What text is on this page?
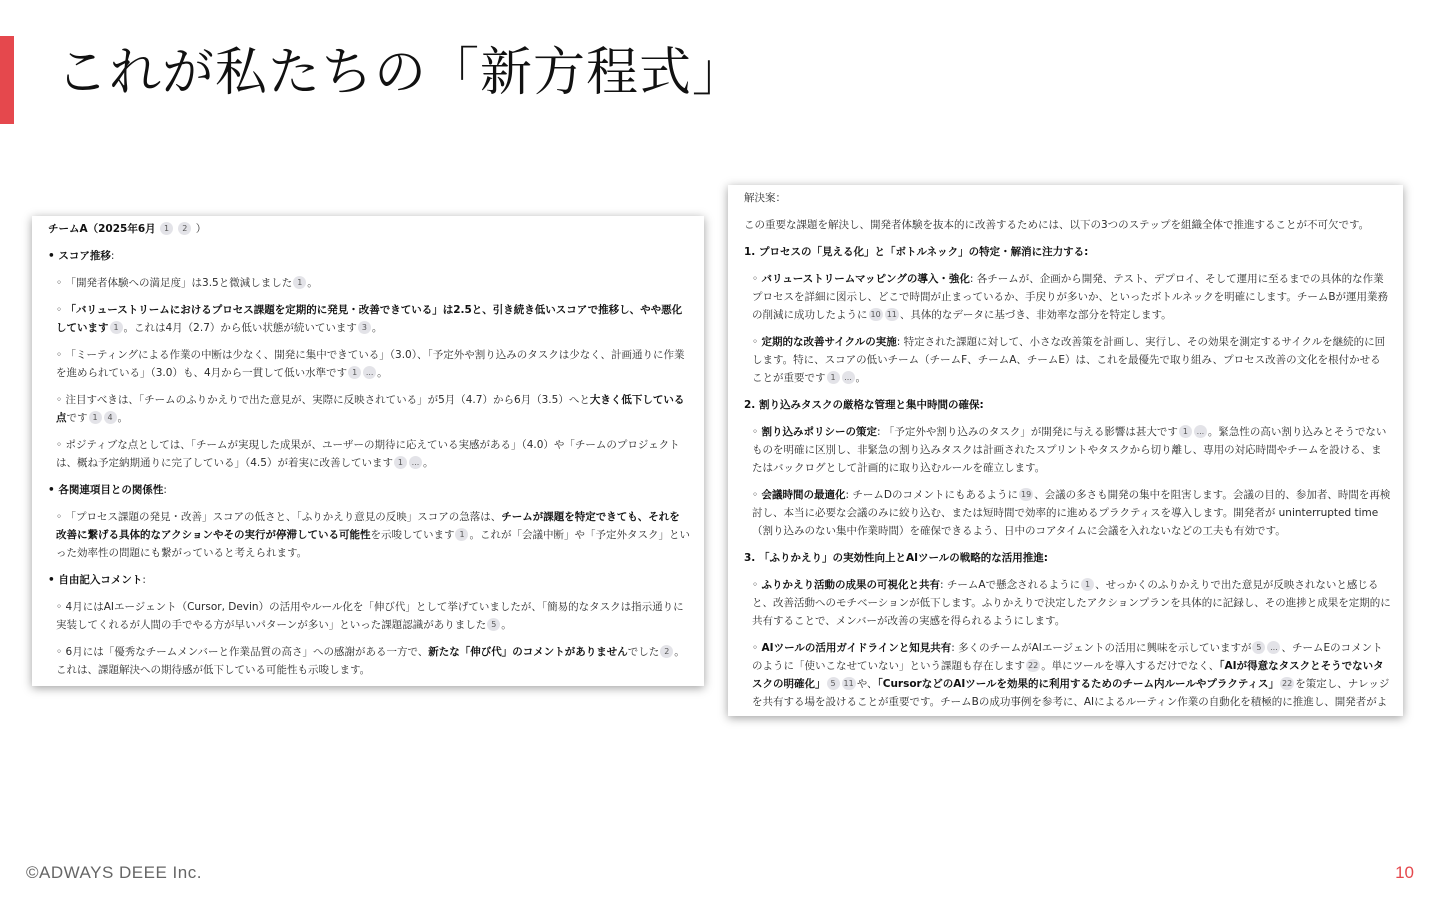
これが私たちの「新方程式」
チームA（2025年6月 1 2 ）
• スコア推移:
◦ 「開発者体験への満足度」は3.5と微減しました 1 。
◦ 「バリューストリームにおけるプロセス課題を定期的に発見・改善できている」は2.5と、引き続き低いスコアで推移し、やや悪化しています 1 。これは4月（2.7）から低い状態が続いています 3 。
◦ 「ミーティングによる作業の中断は少なく、開発に集中できている」（3.0）、「予定外や割り込みのタスクは少なく、計画通りに作業を進められている」（3.0）も、4月から一貫して低い水準です 1 ... 。
◦ 注目すべきは、「チームのふりかえりで出た意見が、実際に反映されている」が5月（4.7）から6月（3.5）へと大きく低下している点です 1 4 。
◦ ポジティブな点としては、「チームが実現した成果が、ユーザーの期待に応えている実感がある」（4.0）や「チームのプロジェクトは、概ね予定納期通りに完了している」（4.5）が着実に改善しています 1 ... 。
• 各関連項目との関係性:
◦ 「プロセス課題の発見・改善」スコアの低さと、「ふりかえり意見の反映」スコアの急落は、チームが課題を特定できても、それを改善に繋げる具体的なアクションやその実行が停滞している可能性を示唆しています 1 。これが「会議中断」や「予定外タスク」といった効率性の問題にも繋がっていると考えられます。
• 自由記入コメント:
◦ 4月にはAIエージェント（Cursor, Devin）の活用やルール化を「伸び代」として挙げていましたが、「簡易的なタスクは指示通りに実装してくれるが人間の手でやる方が早いパターンが多い」といった課題認識がありました 5 。
◦ 6月には「優秀なチームメンバーと作業品質の高さ」への感謝がある一方で、新たな「伸び代」のコメントがありませんでした 2 。これは、課題解決への期待感が低下している可能性も示唆します。
解決案：
この重要な課題を解決し、開発者体験を抜本的に改善するためには、以下の3つのステップを組織全体で推進することが不可欠です。
1. プロセスの「見える化」と「ボトルネック」の特定・解消に注力する:
◦ バリューストリームマッピングの導入・強化: 各チームが、企画から開発、テスト、デプロイ、そして運用に至るまでの具体的な作業プロセスを詳細に図示し、どこで時間が止まっているか、手戻りが多いか、といったボトルネックを明確にします。チームBが運用業務の削減に成功したように 10 11 、具体的なデータに基づき、非効率な部分を特定します。
◦ 定期的な改善サイクルの実施: 特定された課題に対して、小さな改善策を計画し、実行し、その効果を測定するサイクルを継続的に回します。特に、スコアの低いチーム（チームF、チームA、チームE）は、これを最優先で取り組み、プロセス改善の文化を根付かせることが重要です 1 ... 。
2. 割り込みタスクの厳格な管理と集中時間の確保:
◦ 割り込みポリシーの策定: 「予定外や割り込みのタスク」が開発に与える影響は甚大です 1 ... 。緊急性の高い割り込みとそうでないものを明確に区別し、非緊急の割り込みタスクは計画されたスプリントやタスクから切り離し、専用の対応時間やチームを設ける、またはバックログとして計画的に取り込むルールを確立します。
◦ 会議時間の最適化: チームDのコメントにもあるように 19 、会議の多さも開発の集中を阻害します。会議の目的、参加者、時間を再検討し、本当に必要な会議のみに絞り込む、または短時間で効率的に進めるプラクティスを導入します。開発者が uninterrupted time（割り込みのない集中作業時間）を確保できるよう、日中のコアタイムに会議を入れないなどの工夫も有効です。
3. 「ふりかえり」の実効性向上とAIツールの戦略的な活用推進:
◦ ふりかえり活動の成果の可視化と共有: チームAで懸念されるように 1 、せっかくのふりかえりで出た意見が反映されないと感じると、改善活動へのモチベーションが低下します。ふりかえりで決定したアクションプランを具体的に記録し、その進捗と成果を定期的に共有することで、メンバーが改善の実感を得られるようにします。
◦ AIツールの活用ガイドラインと知見共有: 多くのチームがAIエージェントの活用に興味を示していますが 5 ... 、チームEのコメントのように「使いこなせていない」という課題も存在します 22 。単にツールを導入するだけでなく、「AIが得意なタスクとそうでないタスクの明確化」 5 11 や、「CursorなどのAIツールを効果的に利用するためのチーム内ルールやプラクティス」 22 を策定し、ナレッジを共有する場を設けることが重要です。チームBの成功事例を参考に、AIによるルーティン作業の自動化を積極的に推進し、開発者がよ
©ADWAYS DEEE Inc.	10
